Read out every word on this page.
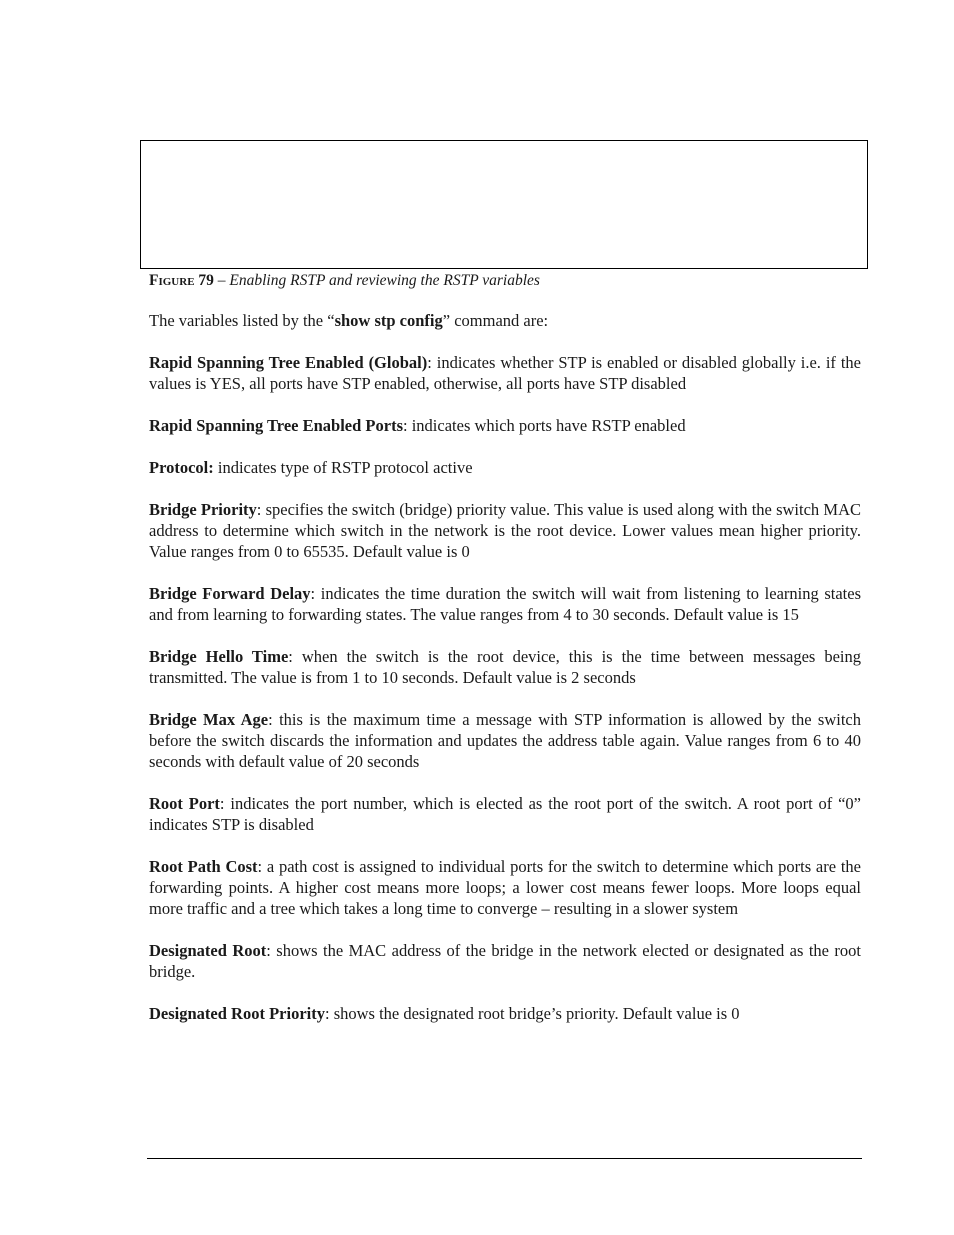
Figure 79 – Enabling RSTP and reviewing the RSTP variables

The variables listed by the “show stp config” command are:

Rapid Spanning Tree Enabled (Global): indicates whether STP is enabled or disabled globally i.e. if the values is YES, all ports have STP enabled, otherwise, all ports have STP disabled

Rapid Spanning Tree Enabled Ports: indicates which ports have RSTP enabled

Protocol: indicates type of RSTP protocol active

Bridge Priority: specifies the switch (bridge) priority value. This value is used along with the switch MAC address to determine which switch in the network is the root device. Lower values mean higher priority. Value ranges from 0 to 65535. Default value is 0

Bridge Forward Delay: indicates the time duration the switch will wait from listening to learning states and from learning to forwarding states. The value ranges from 4 to 30 seconds. Default value is 15

Bridge Hello Time: when the switch is the root device, this is the time between messages being transmitted. The value is from 1 to 10 seconds. Default value is 2 seconds

Bridge Max Age: this is the maximum time a message with STP information is allowed by the switch before the switch discards the information and updates the address table again. Value ranges from 6 to 40 seconds with default value of 20 seconds

Root Port: indicates the port number, which is elected as the root port of the switch. A root port of “0” indicates STP is disabled

Root Path Cost: a path cost is assigned to individual ports for the switch to determine which ports are the forwarding points. A higher cost means more loops; a lower cost means fewer loops. More loops equal more traffic and a tree which takes a long time to converge – resulting in a slower system

Designated Root: shows the MAC address of the bridge in the network elected or designated as the root bridge.

Designated Root Priority: shows the designated root bridge’s priority. Default value is 0
